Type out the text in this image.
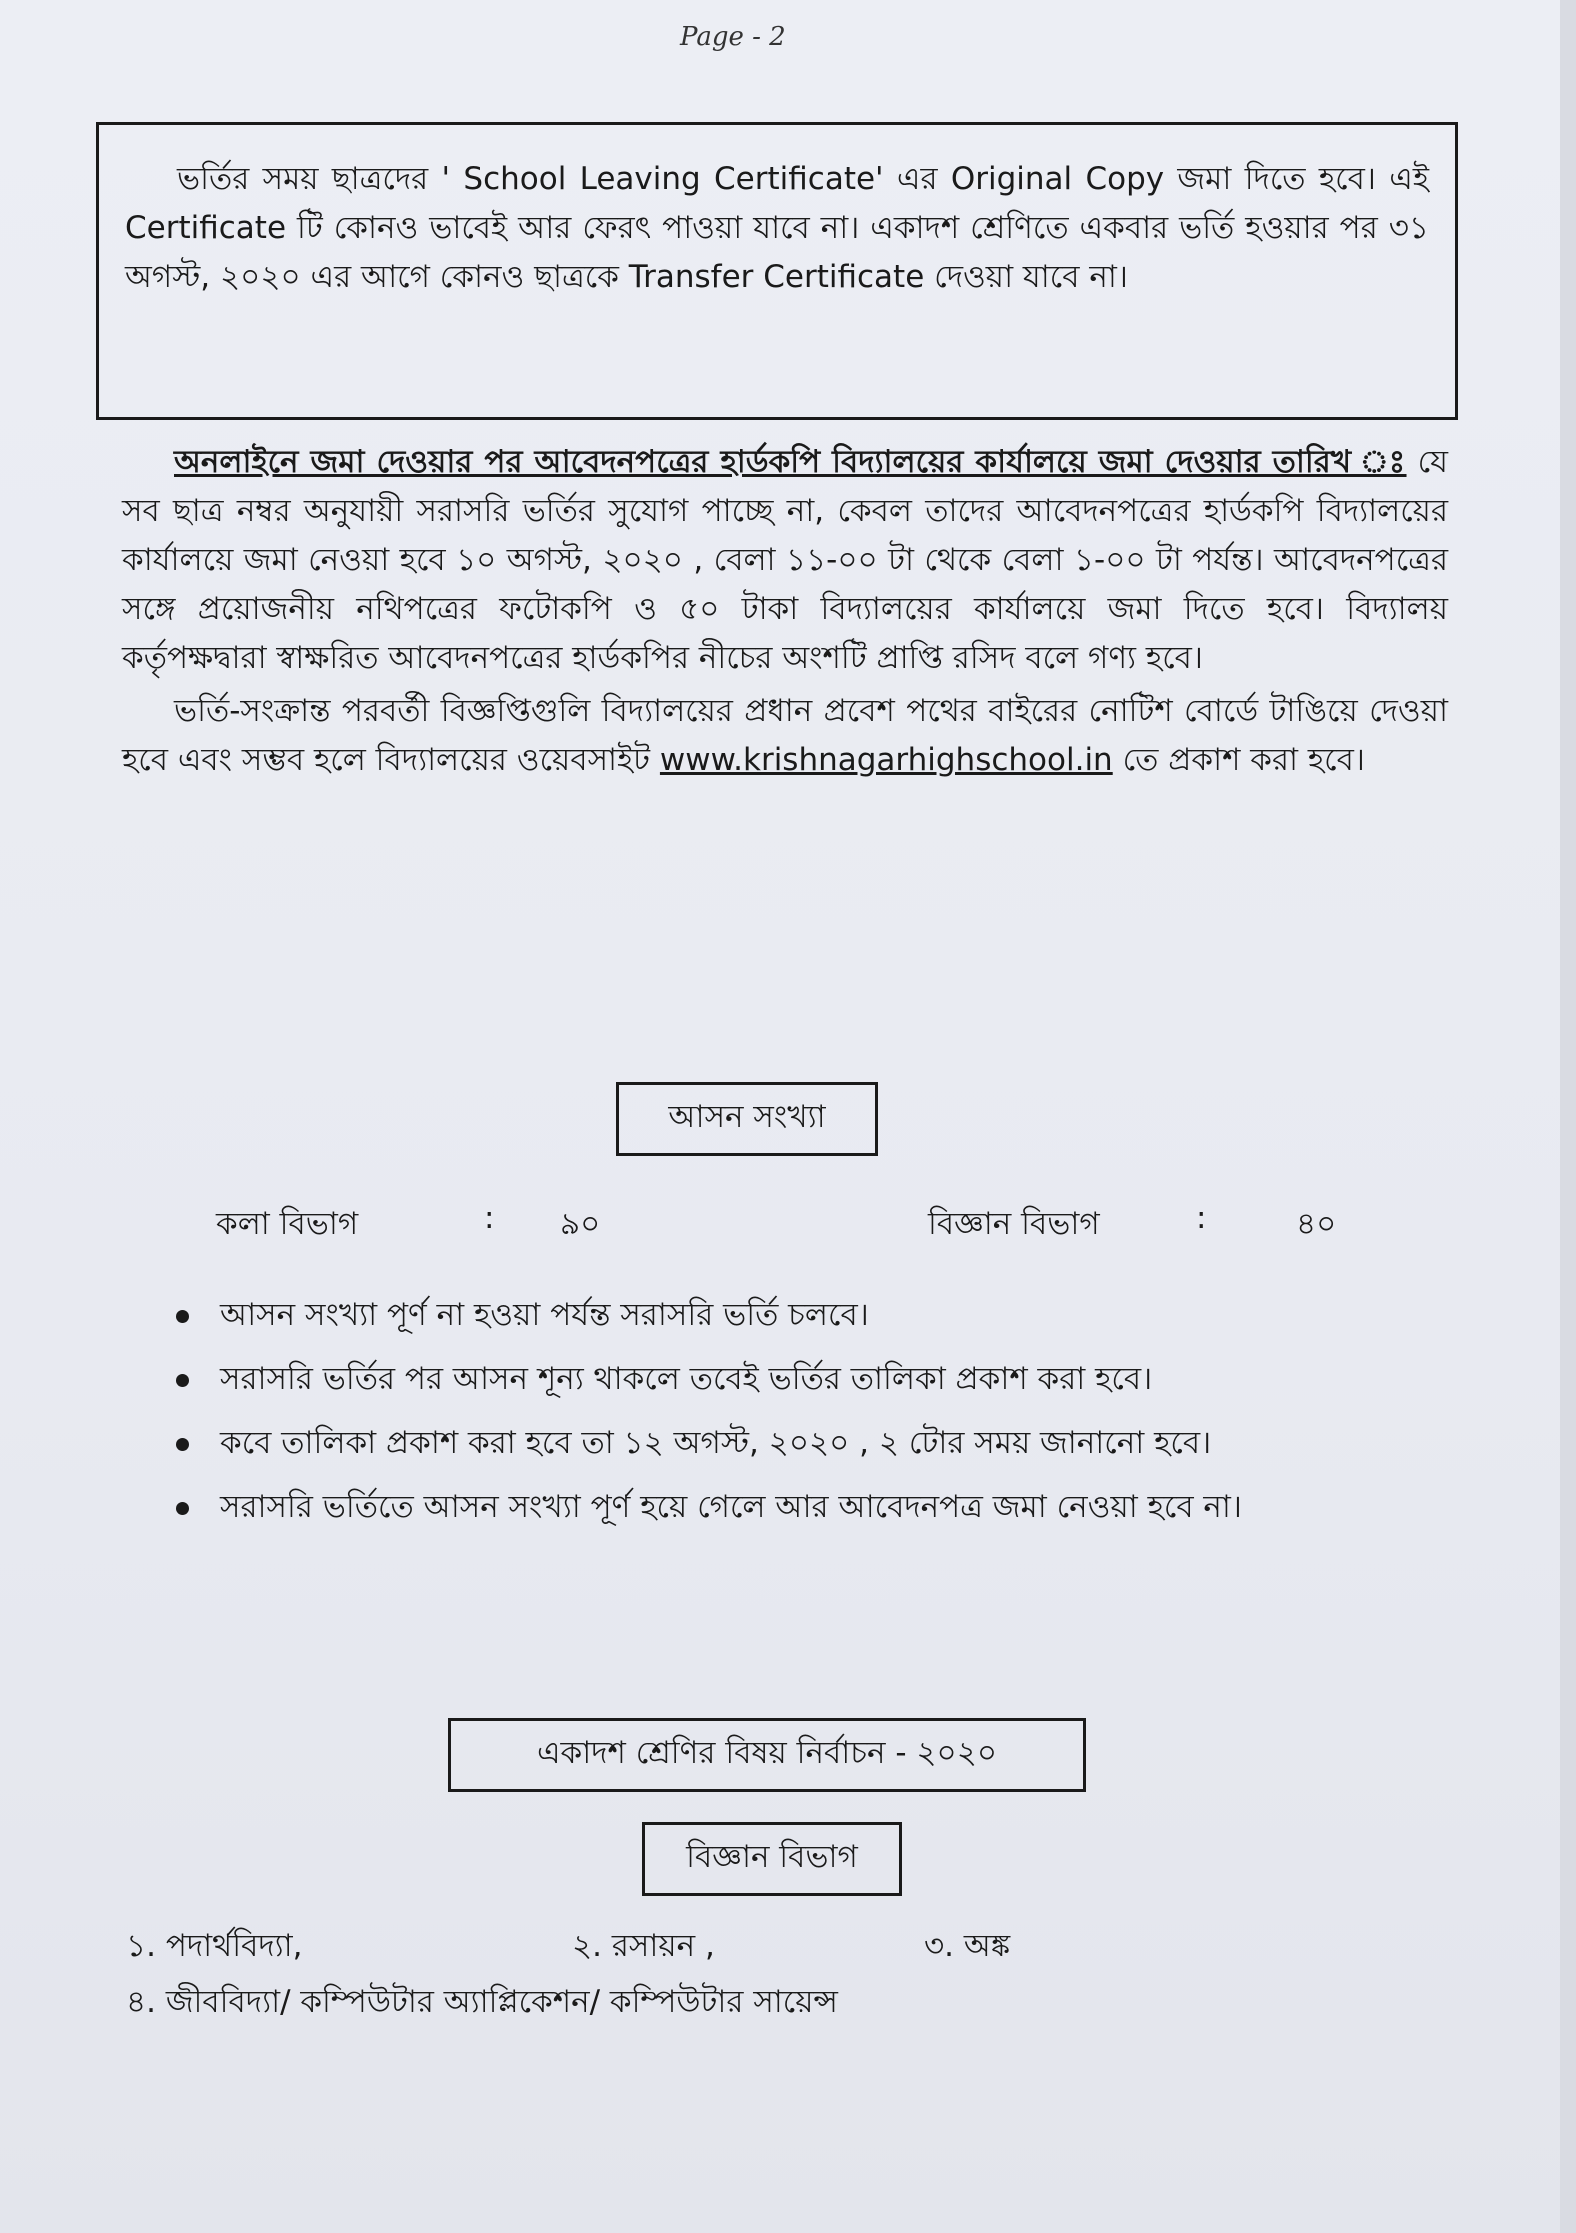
Page - 2

ভর্তির সময় ছাত্রদের ' School Leaving Certificate' এর Original Copy জমা দিতে হবে। এই Certificate টি কোনও ভাবেই আর ফেরৎ পাওয়া যাবে না। একাদশ শ্রেণিতে একবার ভর্তি হওয়ার পর ৩১ অগস্ট, ২০২০ এর আগে কোনও ছাত্রকে Transfer Certificate দেওয়া যাবে না।

অনলাইনে জমা দেওয়ার পর আবেদনপত্রের হার্ডকপি বিদ্যালয়ের কার্যালয়ে জমা দেওয়ার তারিখ ঃ যে সব ছাত্র নম্বর অনুযায়ী সরাসরি ভর্তির সুযোগ পাচ্ছে না, কেবল তাদের আবেদনপত্রের হার্ডকপি বিদ্যালয়ের কার্যালয়ে জমা নেওয়া হবে ১০ অগস্ট, ২০২০ , বেলা ১১-০০ টা থেকে বেলা ১-০০ টা পর্যন্ত। আবেদনপত্রের সঙ্গে প্রয়োজনীয় নথিপত্রের ফটোকপি ও ৫০ টাকা বিদ্যালয়ের কার্যালয়ে জমা দিতে হবে। বিদ্যালয় কর্তৃপক্ষদ্বারা স্বাক্ষরিত আবেদনপত্রের হার্ডকপির নীচের অংশটি প্রাপ্তি রসিদ বলে গণ্য হবে।

ভর্তি-সংক্রান্ত পরবর্তী বিজ্ঞপ্তিগুলি বিদ্যালয়ের প্রধান প্রবেশ পথের বাইরের নোটিশ বোর্ডে টাঙিয়ে দেওয়া হবে এবং সম্ভব হলে বিদ্যালয়ের ওয়েবসাইট www.krishnagarhighschool.in তে প্রকাশ করা হবে।

আসন সংখ্যা
কলা বিভাগ	: ৯০	বিজ্ঞান বিভাগ	:	৪০
আসন সংখ্যা পূর্ণ না হওয়া পর্যন্ত সরাসরি ভর্তি চলবে।
সরাসরি ভর্তির পর আসন শূন্য থাকলে তবেই ভর্তির তালিকা প্রকাশ করা হবে।
কবে তালিকা প্রকাশ করা হবে তা ১২ অগস্ট, ২০২০ , ২ টোর সময় জানানো হবে।
সরাসরি ভর্তিতে আসন সংখ্যা পূর্ণ হয়ে গেলে আর আবেদনপত্র জমা নেওয়া হবে না।
একাদশ শ্রেণির বিষয় নির্বাচন - ২০২০
বিজ্ঞান বিভাগ
১. পদার্থবিদ্যা,	২. রসায়ন ,	৩. অঙ্ক
৪. জীববিদ্যা/ কম্পিউটার অ্যাপ্লিকেশন/ কম্পিউটার সায়েন্স
